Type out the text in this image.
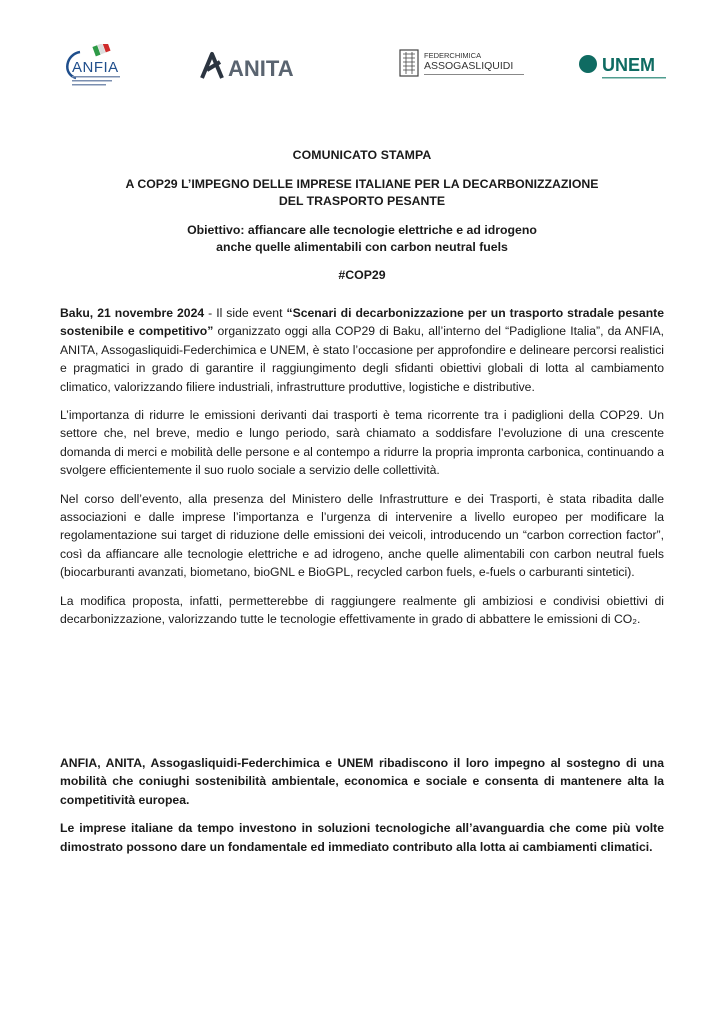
ANFIA	ANITA
FEDERCHIMICA
ASSOGASLIQUIDI	UNEM

COMUNICATO STAMPA

A COP29 L’IMPEGNO DELLE IMPRESE ITALIANE PER LA DECARBONIZZAZIONE
DEL TRASPORTO PESANTE

Obiettivo: affiancare alle tecnologie elettriche e ad idrogeno
anche quelle alimentabili con carbon neutral fuels

#COP29

Baku, 21 novembre 2024 - Il side event “Scenari di decarbonizzazione per un trasporto stradale pesante sostenibile e competitivo” organizzato oggi alla COP29 di Baku, all’interno del “Padiglione Italia”, da ANFIA, ANITA, Assogasliquidi-Federchimica e UNEM, è stato l’occasione per approfondire e delineare percorsi realistici e pragmatici in grado di garantire il raggiungimento degli sfidanti obiettivi globali di lotta al cambiamento climatico, valorizzando filiere industriali, infrastrutture produttive, logistiche e distributive.

L’importanza di ridurre le emissioni derivanti dai trasporti è tema ricorrente tra i padiglioni della COP29. Un settore che, nel breve, medio e lungo periodo, sarà chiamato a soddisfare l’evoluzione di una crescente domanda di merci e mobilità delle persone e al contempo a ridurre la propria impronta carbonica, continuando a svolgere efficientemente il suo ruolo sociale a servizio delle collettività.

Nel corso dell’evento, alla presenza del Ministero delle Infrastrutture e dei Trasporti, è stata ribadita dalle associazioni e dalle imprese l’importanza e l’urgenza di intervenire a livello europeo per modificare la regolamentazione sui target di riduzione delle emissioni dei veicoli, introducendo un “carbon correction factor”, così da affiancare alle tecnologie elettriche e ad idrogeno, anche quelle alimentabili con carbon neutral fuels (biocarburanti avanzati, biometano, bioGNL e BioGPL, recycled carbon fuels, e-fuels o carburanti sintetici).

La modifica proposta, infatti, permetterebbe di raggiungere realmente gli ambiziosi e condivisi obiettivi di decarbonizzazione, valorizzando tutte le tecnologie effettivamente in grado di abbattere le emissioni di CO₂.

ANFIA, ANITA, Assogasliquidi-Federchimica e UNEM ribadiscono il loro impegno al sostegno di una mobilità che coniughi sostenibilità ambientale, economica e sociale e consenta di mantenere alta la competitività europea.

Le imprese italiane da tempo investono in soluzioni tecnologiche all’avanguardia che come più volte dimostrato possono dare un fondamentale ed immediato contributo alla lotta ai cambiamenti climatici.
